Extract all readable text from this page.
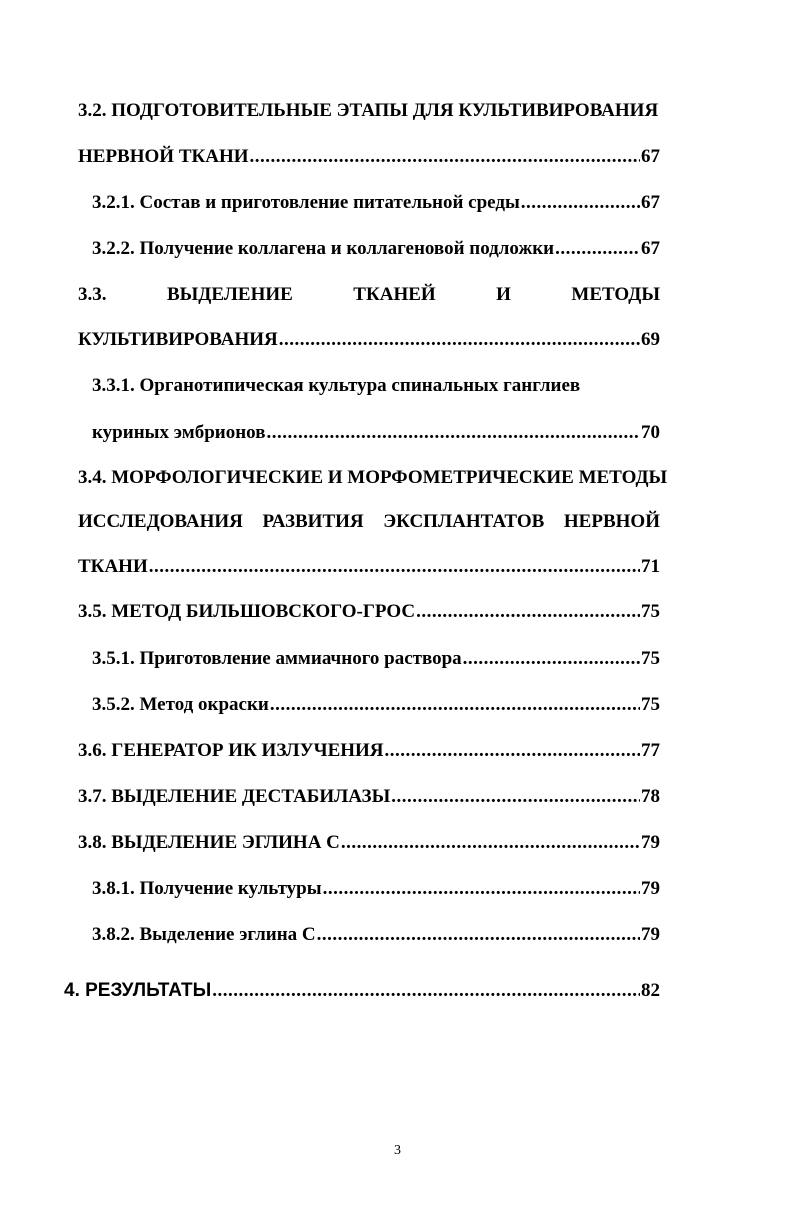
3.2. ПОДГОТОВИТЕЛЬНЫЕ ЭТАПЫ ДЛЯ КУЛЬТИВИРОВАНИЯ
НЕРВНОЙ ТКАНИ .....	67
3.2.1. Состав и приготовление питательной среды .....	67
3.2.2. Получение коллагена и коллагеновой подложки .....	67
3.3.	ВЫДЕЛЕНИЕ	ТКАНЕЙ	И	МЕТОДЫ
КУЛЬТИВИРОВАНИЯ .....	69
3.3.1. Органотипическая культура спинальных ганглиев
куриных эмбрионов .....	70
3.4. МОРФОЛОГИЧЕСКИЕ И МОРФОМЕТРИЧЕСКИЕ МЕТОДЫ
ИССЛЕДОВАНИЯ РАЗВИТИЯ ЭКСПЛАНТАТОВ НЕРВНОЙ
ТКАНИ .....	71
3.5. МЕТОД БИЛЬШОВСКОГО-ГРОС .....	75
3.5.1. Приготовление аммиачного раствора .....	75
3.5.2. Метод окраски .....	75
3.6. ГЕНЕРАТОР ИК ИЗЛУЧЕНИЯ .....	77
3.7. ВЫДЕЛЕНИЕ ДЕСТАБИЛАЗЫ .....	78
3.8. ВЫДЕЛЕНИЕ ЭГЛИНА С .....	79
3.8.1. Получение культуры .....	79
3.8.2. Выделение эглина С .....	79
4. РЕЗУЛЬТАТЫ .....	82
3
